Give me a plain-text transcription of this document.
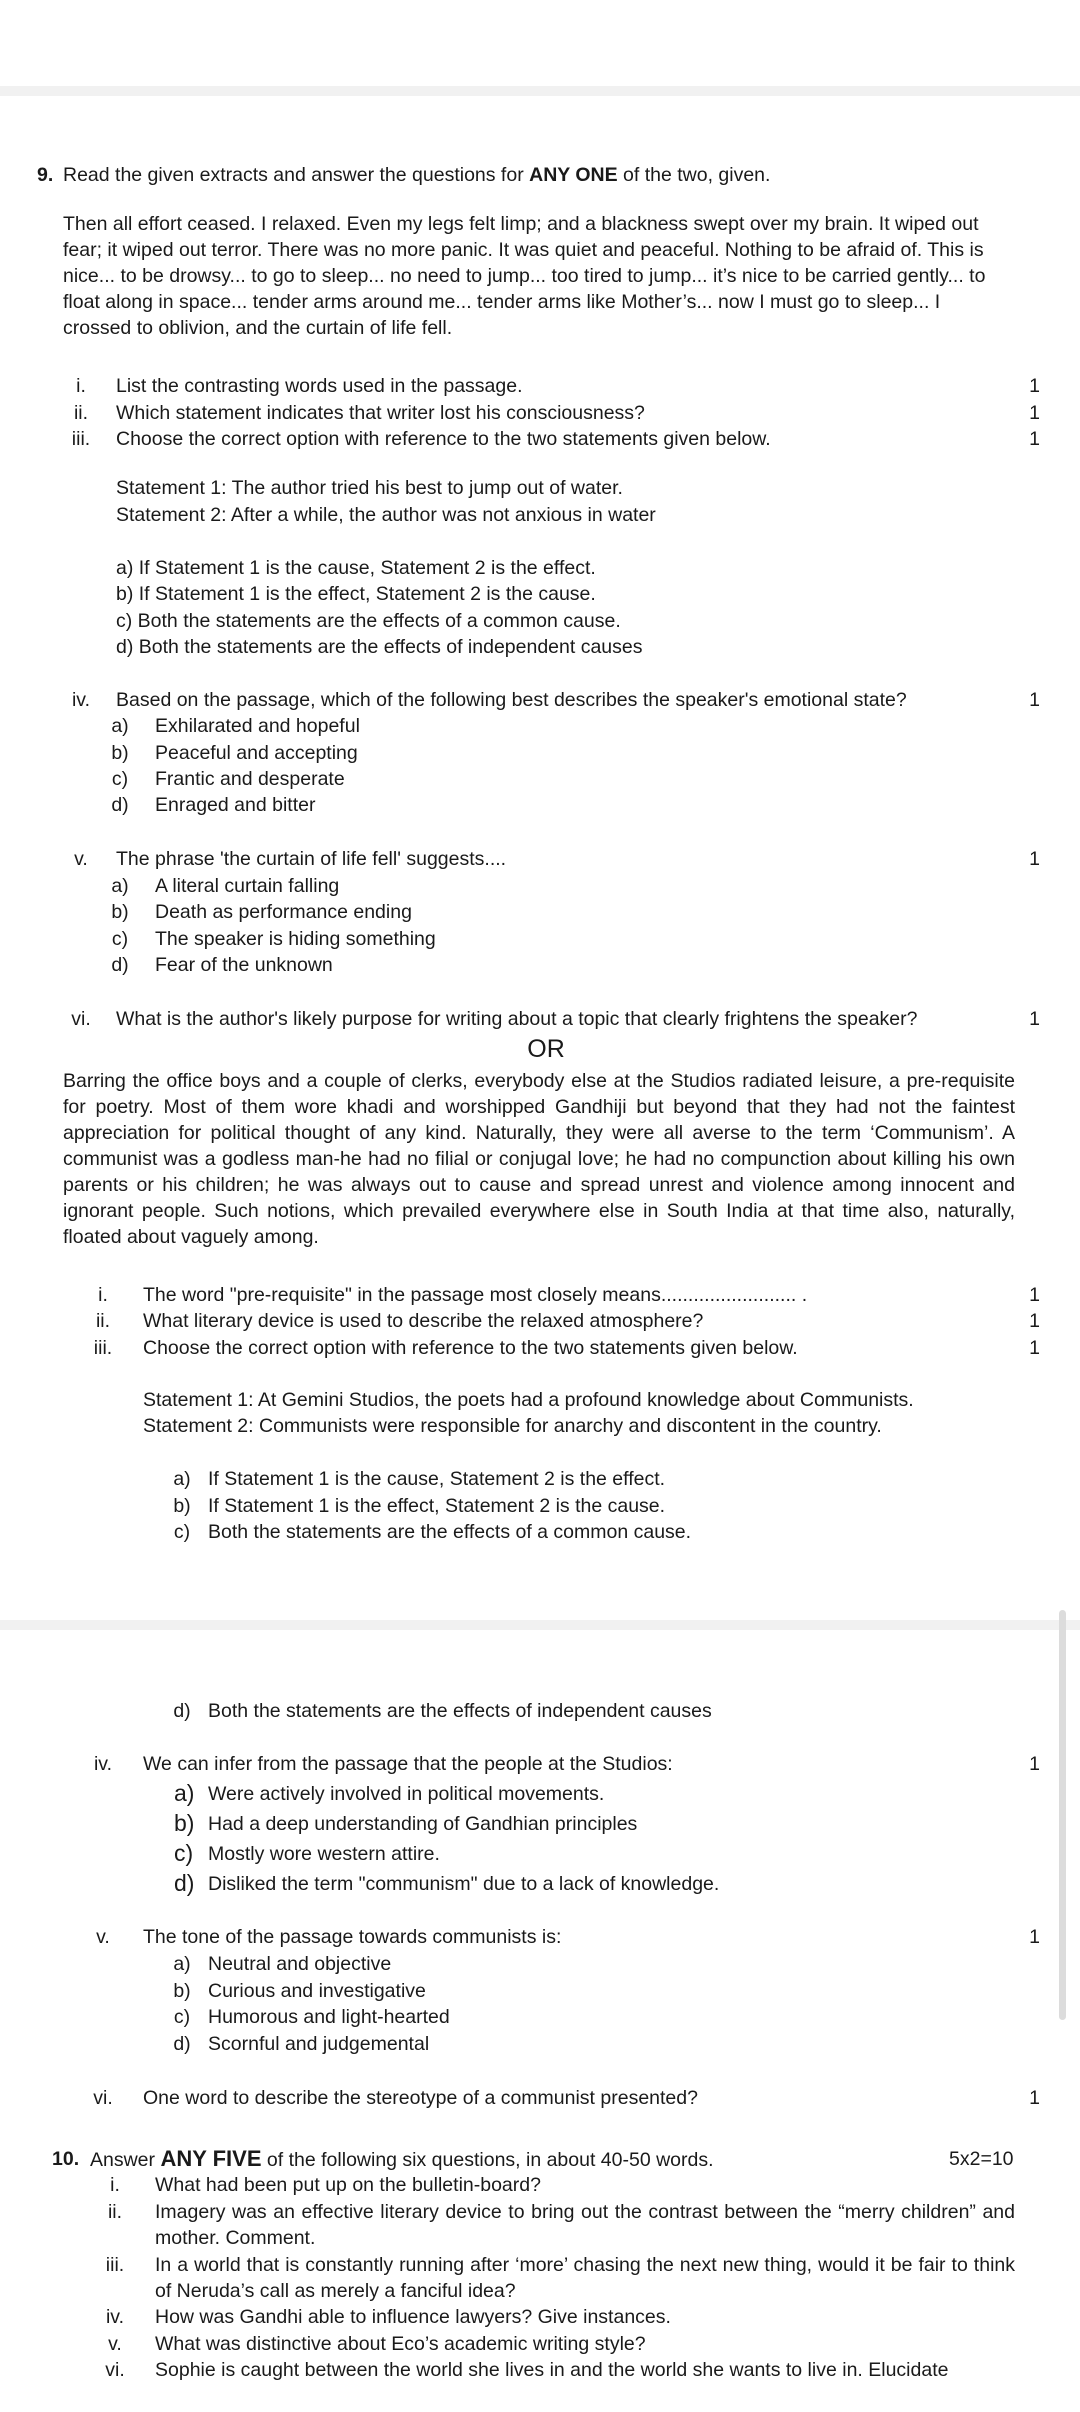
9. Read the given extracts and answer the questions for ANY ONE of the two, given.
Then all effort ceased. I relaxed. Even my legs felt limp; and a blackness swept over my brain. It wiped out fear; it wiped out terror. There was no more panic. It was quiet and peaceful. Nothing to be afraid of. This is nice... to be drowsy... to go to sleep... no need to jump... too tired to jump... it’s nice to be carried gently... to float along in space... tender arms around me... tender arms like Mother’s... now I must go to sleep... I crossed to oblivion, and the curtain of life fell.
i.	List the contrasting words used in the passage.	1
ii.	Which statement indicates that writer lost his consciousness?	1
iii. Choose the correct option with reference to the two statements given below.	1
Statement 1: The author tried his best to jump out of water.
Statement 2: After a while, the author was not anxious in water
a) If Statement 1 is the cause, Statement 2 is the effect.
b) If Statement 1 is the effect, Statement 2 is the cause.
c) Both the statements are the effects of a common cause.
d) Both the statements are the effects of independent causes
iv.	Based on the passage, which of the following best describes the speaker's emotional state?	1
a)	Exhilarated and hopeful
b)	Peaceful and accepting
c)	Frantic and desperate
d)	Enraged and bitter
v.	The phrase 'the curtain of life fell' suggests....	1
a)	A literal curtain falling
b)	Death as performance ending
c)	The speaker is hiding something
d)	Fear of the unknown
vi. What is the author's likely purpose for writing about a topic that clearly frightens the speaker?	1
OR
Barring the office boys and a couple of clerks, everybody else at the Studios radiated leisure, a pre-requisite for poetry. Most of them wore khadi and worshipped Gandhiji but beyond that they had not the faintest appreciation for political thought of any kind. Naturally, they were all averse to the term ‘Communism’. A communist was a godless man-he had no filial or conjugal love; he had no compunction about killing his own parents or his children; he was always out to cause and spread unrest and violence among innocent and ignorant people. Such notions, which prevailed everywhere else in South India at that time also, naturally, floated about vaguely among.
i.	The word "pre-requisite" in the passage most closely means......................... .	1
ii.	What literary device is used to describe the relaxed atmosphere?	1
iii. Choose the correct option with reference to the two statements given below.	1
Statement 1: At Gemini Studios, the poets had a profound knowledge about Communists.
Statement 2: Communists were responsible for anarchy and discontent in the country.
a) If Statement 1 is the cause, Statement 2 is the effect.
b) If Statement 1 is the effect, Statement 2 is the cause.
c) Both the statements are the effects of a common cause.
d) Both the statements are the effects of independent causes
iv.	We can infer from the passage that the people at the Studios:	1
a) Were actively involved in political movements.
b) Had a deep understanding of Gandhian principles
c) Mostly wore western attire.
d) Disliked the term "communism" due to a lack of knowledge.
v.	The tone of the passage towards communists is:	1
a) Neutral and objective
b) Curious and investigative
c) Humorous and light-hearted
d) Scornful and judgemental
vi. One word to describe the stereotype of a communist presented?	1
10. Answer ANY FIVE of the following six questions, in about 40-50 words.	5x2=10
i.	What had been put up on the bulletin-board?
ii.	Imagery was an effective literary device to bring out the contrast between the “merry children” and mother. Comment.
iii. In a world that is constantly running after ‘more’ chasing the next new thing, would it be fair to think of Neruda’s call as merely a fanciful idea?
iv.	How was Gandhi able to influence lawyers? Give instances.
v.	What was distinctive about Eco’s academic writing style?
vi. Sophie is caught between the world she lives in and the world she wants to live in. Elucidate
